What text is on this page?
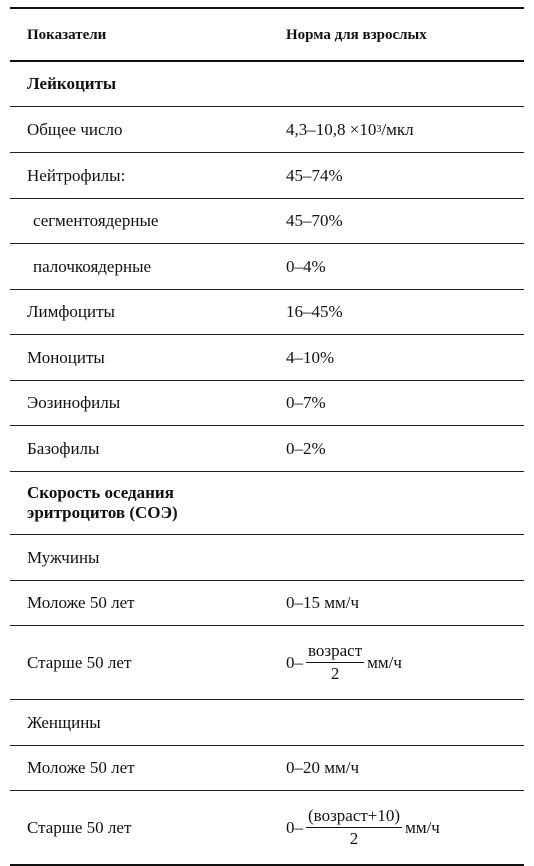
Показатели	Норма для взрослых
Лейкоциты
Общее число	4,3–10,8 ×10 3 /мкл
Нейтрофилы:	45–74%
сегментоядерные	45–70%
палочкоядерные	0–4%
Лимфоциты	16–45%
Моноциты	4–10%
Эозинофилы	0–7%
Базофилы	0–2%
Скорость оседания
эритроцитов (СОЭ)
Мужчины
Моложе 50 лет	0–15 мм/ч
Старше 50 лет	$0- \frac{\text{возраст}}{2} мм/ч$
Женщины
Моложе 50 лет	0–20 мм/ч
Старше 50 лет	$0- \frac{\text{(возраст+10)}}{2} мм/ч$
